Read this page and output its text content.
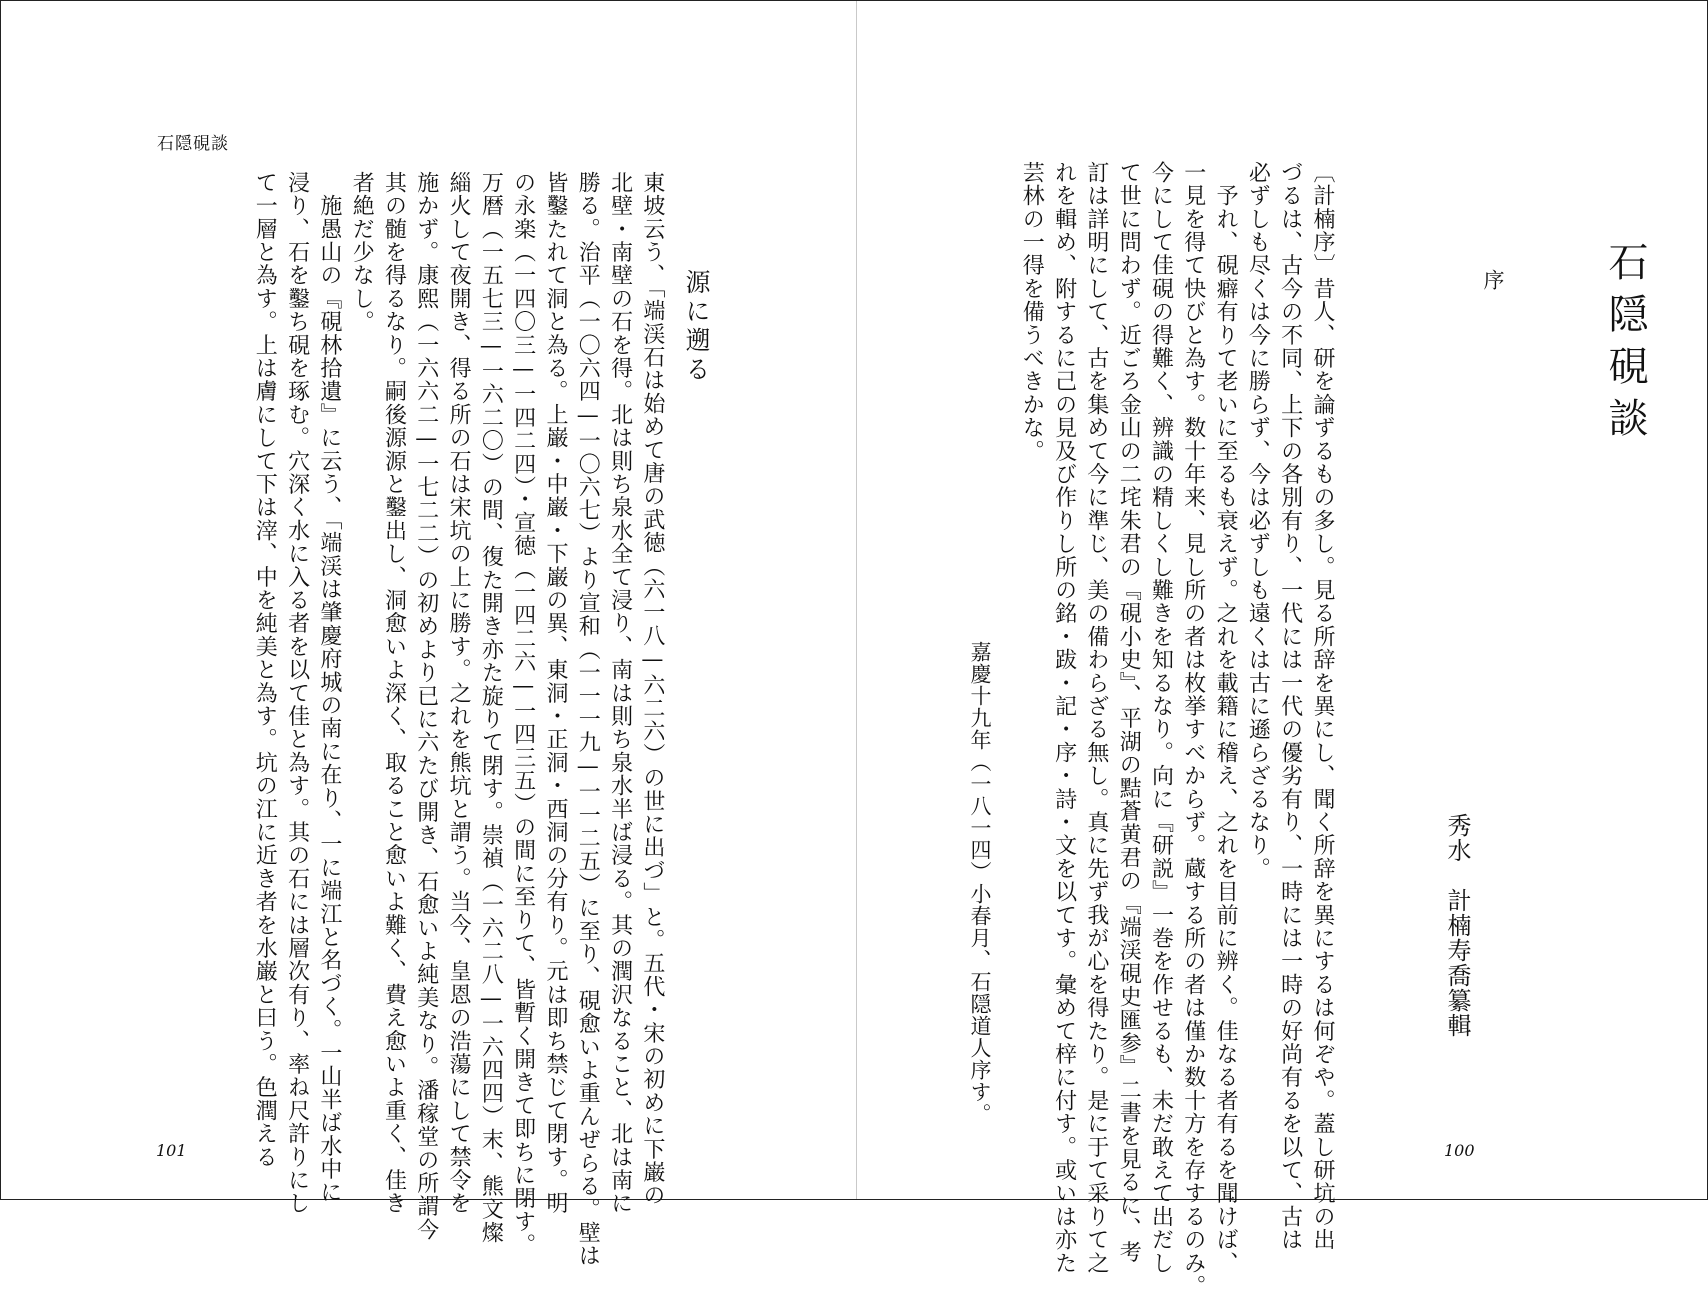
石隠硯談
源に遡る
東坡云う、「端渓石は始めて唐の武徳（六一八—六二六）の世に出づ」と。五代・宋の初めに下巌の
北壁・南壁の石を得。北は則ち泉水全て浸り、南は則ち泉水半ば浸る。其の潤沢なること、北は南に
勝る。治平（一〇六四—一〇六七）より宣和（一一一九—一一二五）に至り、硯愈いよ重んぜらる。壁は
皆鑿たれて洞と為る。上巌・中巌・下巌の異、東洞・正洞・西洞の分有り。元は即ち禁じて閉す。明
の永楽（一四〇三—一四二四）・宣徳（一四二六—一四三五）の間に至りて、皆暫く開きて即ちに閉す。
万暦（一五七三—一六二〇）の間、復た開き亦た旋りて閉す。崇禎（一六二八—一六四四）末、熊文燦
緇火して夜開き、得る所の石は宋坑の上に勝す。之れを熊坑と謂う。当今、皇恩の浩蕩にして禁令を
施かず。康熙（一六六二—一七二二）の初めより已に六たび開き、石愈いよ純美なり。潘稼堂の所謂今
其の髄を得るなり。嗣後源源と鑿出し、洞愈いよ深く、取ること愈いよ難く、費え愈いよ重く、佳き
者絶だ少なし。
　施愚山の『硯林拾遺』に云う、「端渓は肇慶府城の南に在り、一に端江と名づく。一山半ば水中に
浸り、石を鑿ち硯を琢む。穴深く水に入る者を以て佳と為す。其の石には層次有り、率ね尺許りにし
て一層と為す。上は膚にして下は滓、中を純美と為す。坑の江に近き者を水巌と曰う。色潤える
101
石隠硯談
序
秀水　計楠寿喬纂輯
〔計楠序〕昔人、研を論ずるもの多し。見る所辞を異にし、聞く所辞を異にするは何ぞや。蓋し研坑の出
づるは、古今の不同、上下の各別有り、一代には一代の優劣有り、一時には一時の好尚有るを以て、古は
必ずしも尽くは今に勝らず、今は必ずしも遠くは古に遜らざるなり。
　予れ、硯癖有りて老いに至るも衰えず。之れを載籍に稽え、之れを目前に辨く。佳なる者有るを聞けば、
一見を得て快びと為す。数十年来、見し所の者は枚挙すべからず。蔵する所の者は僅か数十方を存するのみ。
今にして佳硯の得難く、辨識の精しくし難きを知るなり。向に『研説』一巻を作せるも、未だ敢えて出だし
て世に問わず。近ごろ金山の二垞朱君の『硯小史』、平湖の黠蒼黄君の『端渓硯史匯参』二書を見るに、考
訂は詳明にして、古を集めて今に準じ、美の備わらざる無し。真に先ず我が心を得たり。是に于て采りて之
れを輯め、附するに己の見及び作りし所の銘・跋・記・序・詩・文を以てす。彙めて梓に付す。或いは亦た
芸林の一得を備うべきかな。
嘉慶十九年（一八一四）小春月、石隠道人序す。
100
